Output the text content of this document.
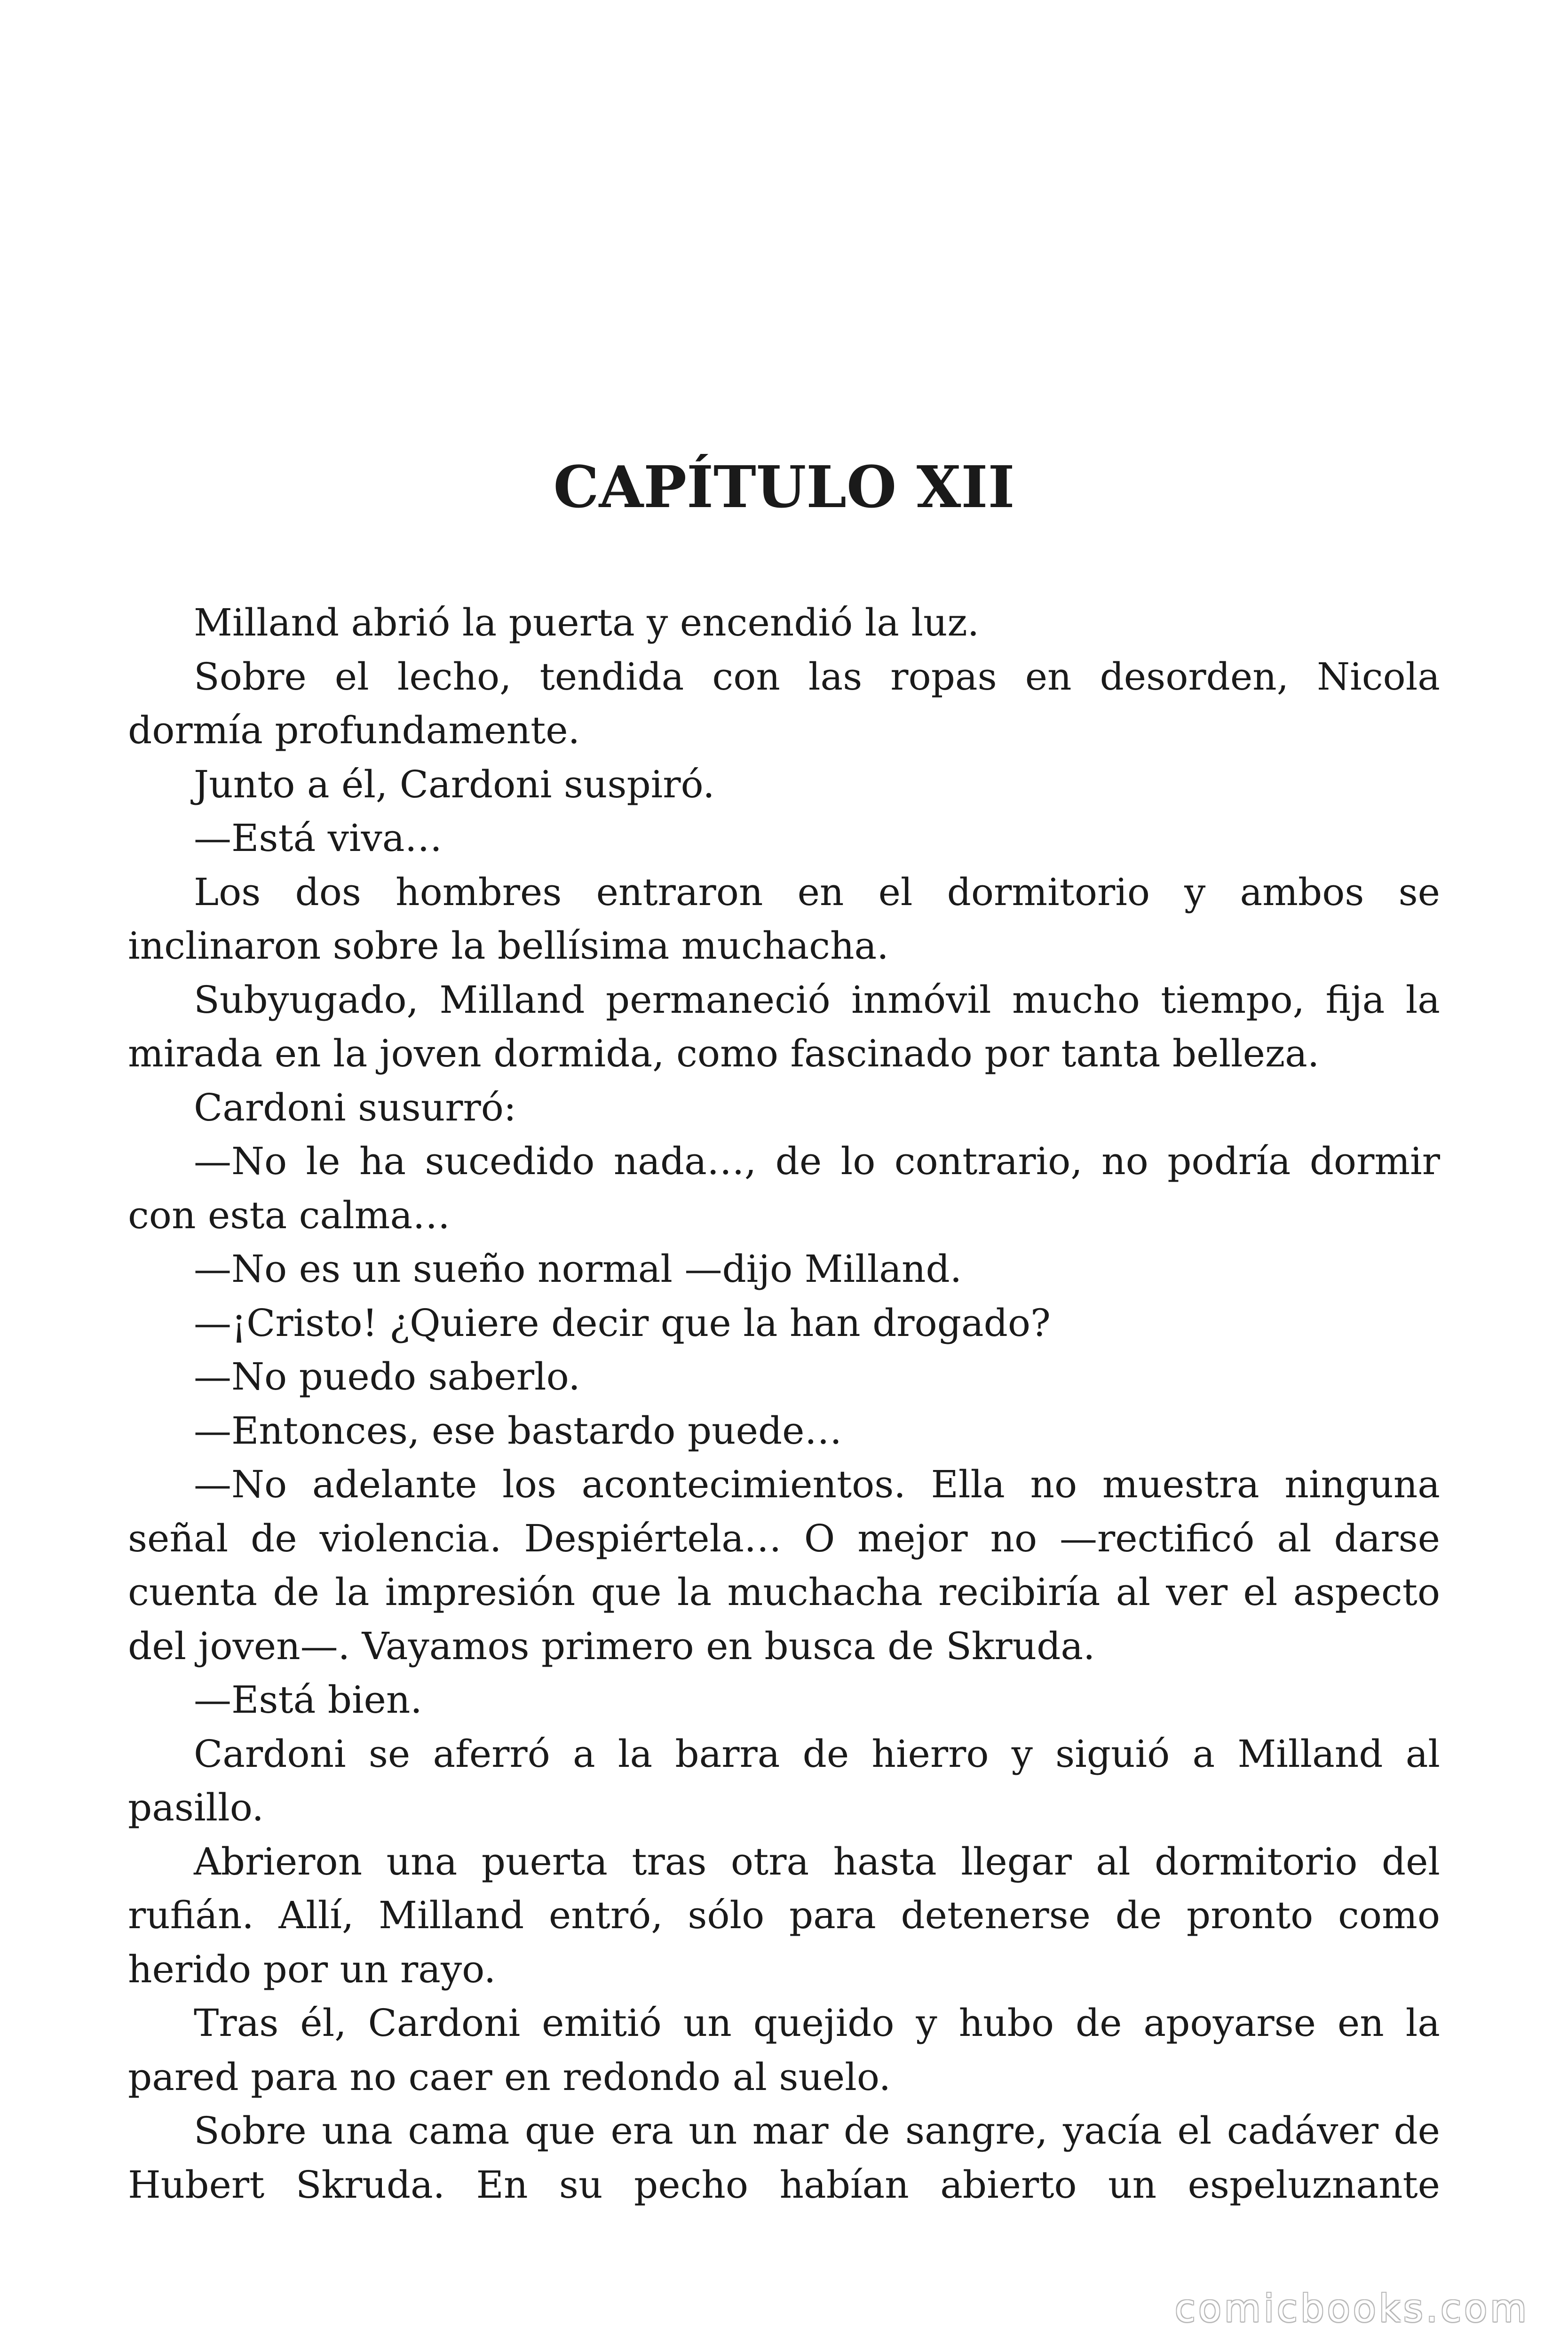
CAPÍTULO XII

Milland abrió la puerta y encendió la luz.

Sobre el lecho, tendida con las ropas en desorden, Nicola dormía profundamente.

Junto a él, Cardoni suspiró.

—Está viva…

Los dos hombres entraron en el dormitorio y ambos se inclinaron sobre la bellísima muchacha.

Subyugado, Milland permaneció inmóvil mucho tiempo, fija la mirada en la joven dormida, como fascinado por tanta belleza.

Cardoni susurró:

—No le ha sucedido nada…, de lo contrario, no podría dormir con esta calma…

—No es un sueño normal —dijo Milland.

—¡Cristo! ¿Quiere decir que la han drogado?

—No puedo saberlo.

—Entonces, ese bastardo puede…

—No adelante los acontecimientos. Ella no muestra ninguna señal de violencia. Despiértela… O mejor no —rectificó al darse cuenta de la impresión que la muchacha recibiría al ver el aspecto del joven—. Vayamos primero en busca de Skruda.

—Está bien.

Cardoni se aferró a la barra de hierro y siguió a Milland al pasillo.

Abrieron una puerta tras otra hasta llegar al dormitorio del rufián. Allí, Milland entró, sólo para detenerse de pronto como herido por un rayo.

Tras él, Cardoni emitió un quejido y hubo de apoyarse en la pared para no caer en redondo al suelo.

Sobre una cama que era un mar de sangre, yacía el cadáver de Hubert Skruda. En su pecho habían abierto un espeluznante

comicbooks.com
